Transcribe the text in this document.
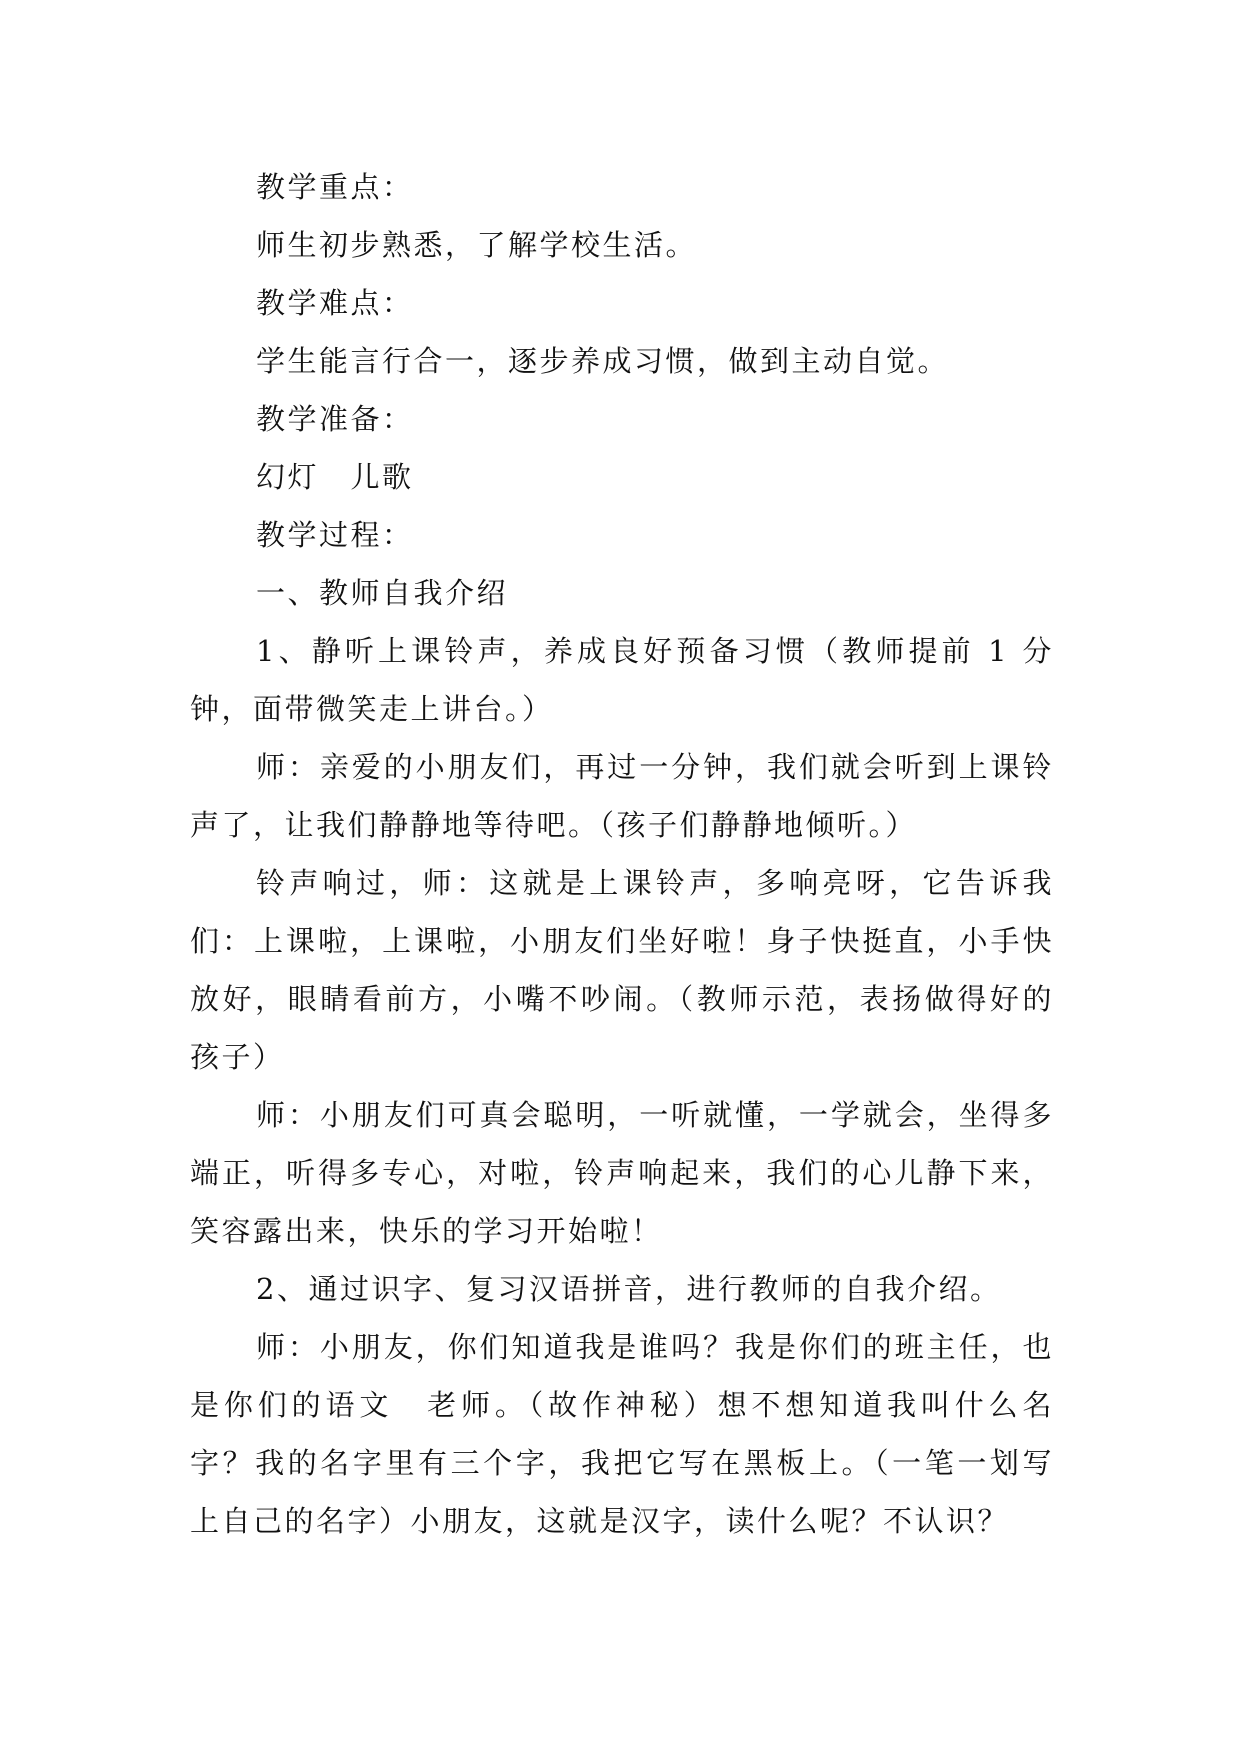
教学重点：

师生初步熟悉，了解学校生活。

教学难点：

学生能言行合一，逐步养成习惯，做到主动自觉。

教学准备：

幻灯　儿歌

教学过程：

一、教师自我介绍

1、静听上课铃声，养成良好预备习惯（教师提前 1 分钟，面带微笑走上讲台。）

师：亲爱的小朋友们，再过一分钟，我们就会听到上课铃声了，让我们静静地等待吧。（孩子们静静地倾听。）

铃声响过，师：这就是上课铃声，多响亮呀，它告诉我们：上课啦，上课啦，小朋友们坐好啦！身子快挺直，小手快放好，眼睛看前方，小嘴不吵闹。（教师示范，表扬做得好的孩子）

师：小朋友们可真会聪明，一听就懂，一学就会，坐得多端正，听得多专心，对啦，铃声响起来，我们的心儿静下来，笑容露出来，快乐的学习开始啦！

2、通过识字、复习汉语拼音，进行教师的自我介绍。

师：小朋友，你们知道我是谁吗？我是你们的班主任，也是你们的语文　老师。（故作神秘）想不想知道我叫什么名字？我的名字里有三个字，我把它写在黑板上。（一笔一划写上自己的名字）小朋友，这就是汉字，读什么呢？不认识？
